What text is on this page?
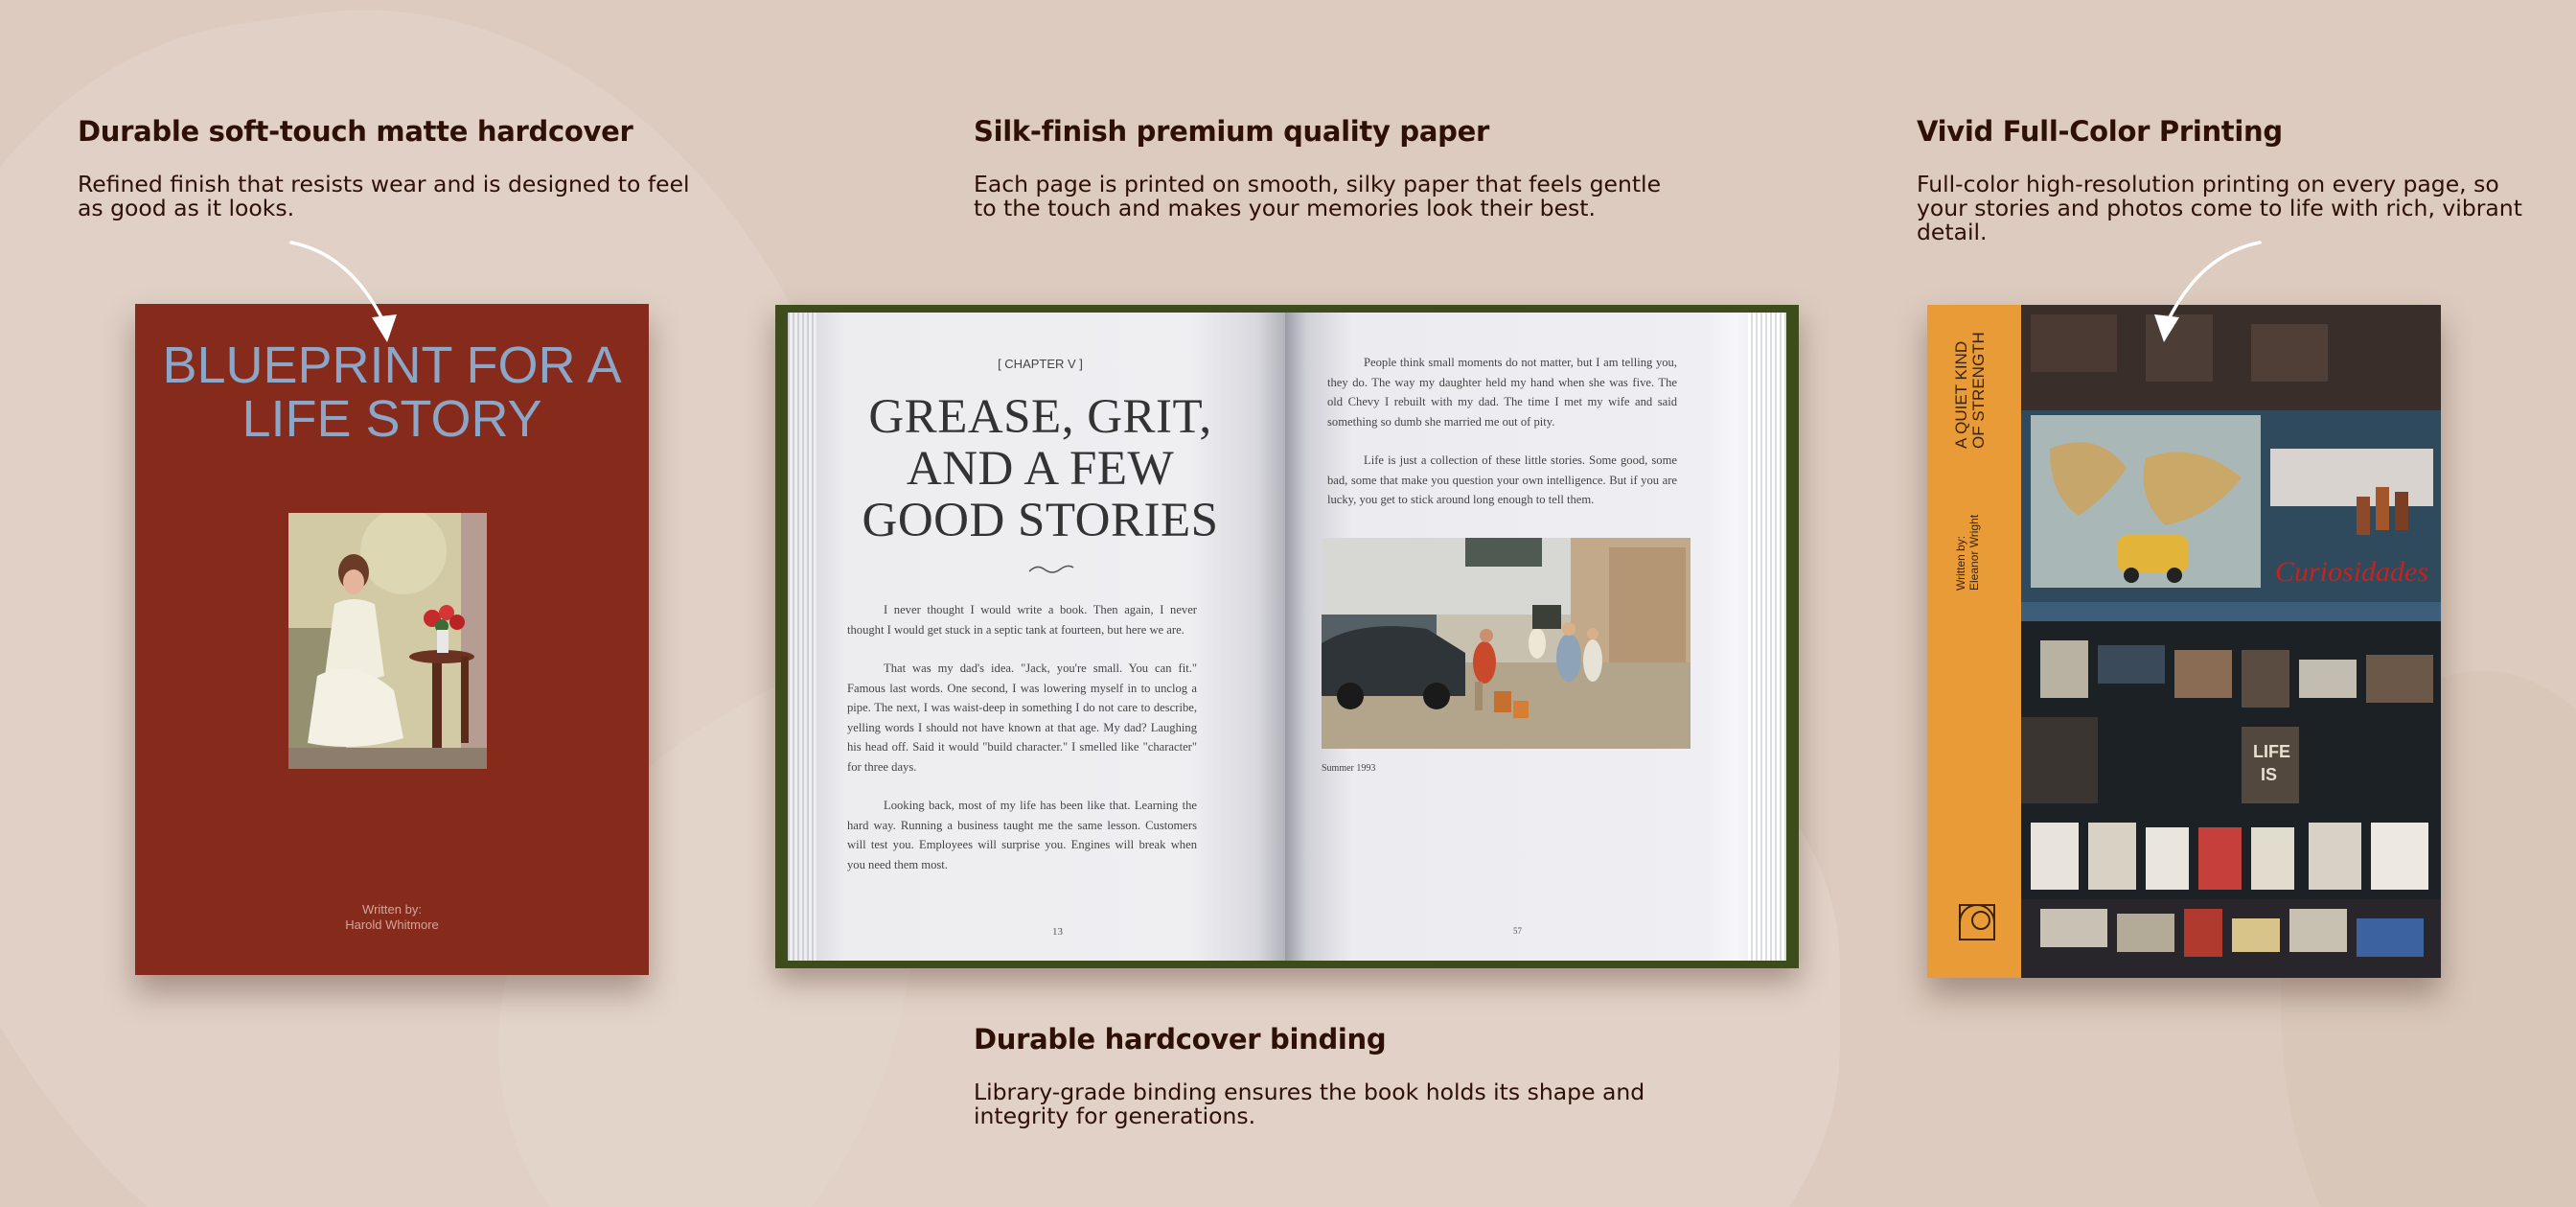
Durable soft-touch matte hardcover

Refined finish that resists wear and is designed to feel as good as it looks.

Silk-finish premium quality paper

Each page is printed on smooth, silky paper that feels gentle to the touch and makes your memories look their best.

Vivid Full-Color Printing

Full-color high-resolution printing on every page, so your stories and photos come to life with rich, vibrant detail.

Durable hardcover binding

Library-grade binding ensures the book holds its shape and integrity for generations.

BLUEPRINT FOR A LIFE STORY
Written by:
Harold Whitmore
[ CHAPTER V ]
GREASE, GRIT, AND A FEW GOOD STORIES

I never thought I would write a book. Then again, I never thought I would get stuck in a septic tank at fourteen, but here we are.

That was my dad's idea. "Jack, you're small. You can fit." Famous last words. One second, I was lowering myself in to unclog a pipe. The next, I was waist-deep in something I do not care to describe, yelling words I should not have known at that age. My dad? Laughing his head off. Said it would "build character." I smelled like "character" for three days.

Looking back, most of my life has been like that. Learning the hard way. Running a business taught me the same lesson. Customers will test you. Employees will surprise you. Engines will break when you need them most.

13

People think small moments do not matter, but I am telling you, they do. The way my daughter held my hand when she was five. The old Chevy I rebuilt with my dad. The time I met my wife and said something so dumb she married me out of pity.

Life is just a collection of these little stories. Some good, some bad, some that make you question your own intelligence. But if you are lucky, you get to stick around long enough to tell them.

Summer 1993
57
A QUIET KIND OF STRENGTH
Written by: Eleanor Wright	Curiosidades
LIFE
IS
